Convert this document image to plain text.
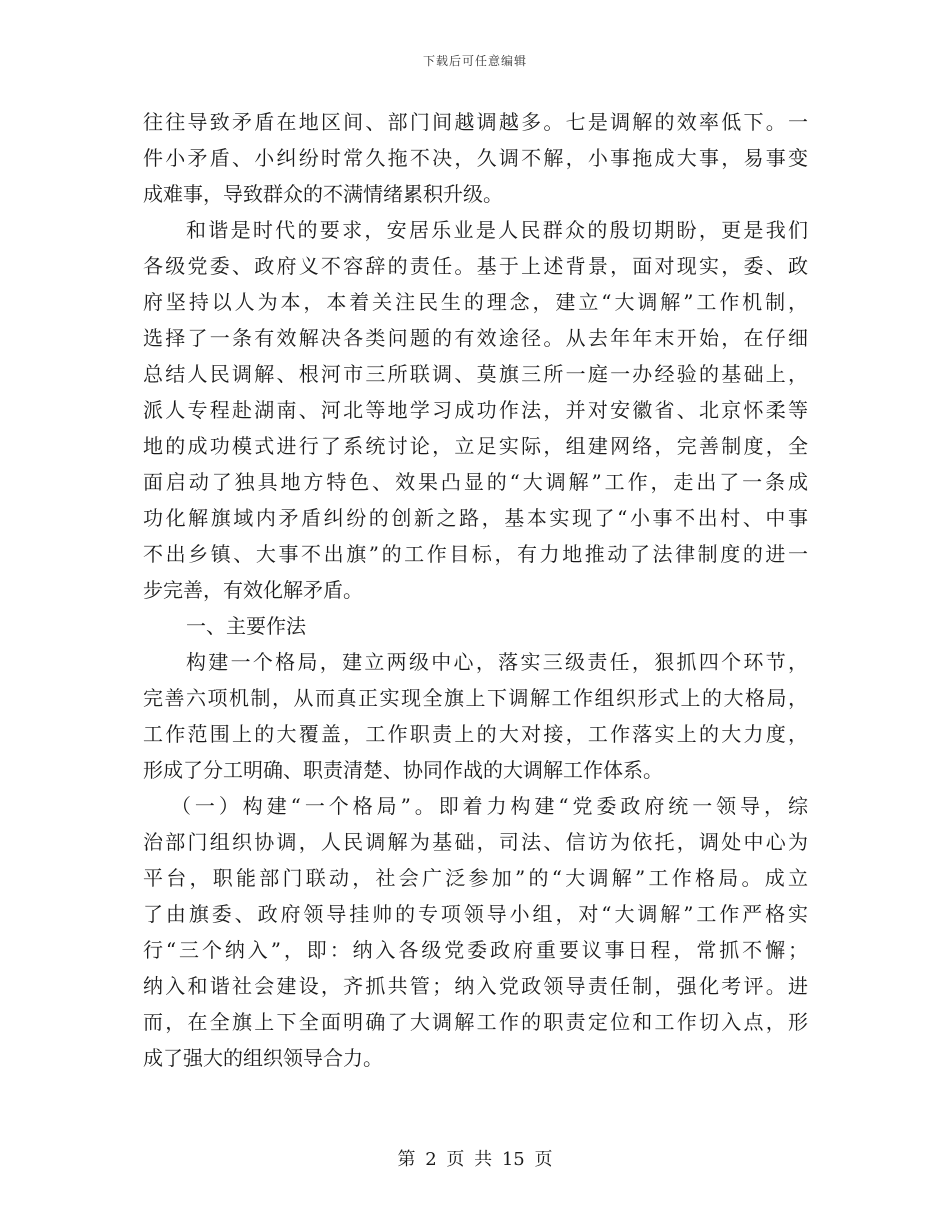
下载后可任意编辑
往往导致矛盾在地区间、部门间越调越多。七是调解的效率低下。一
件小矛盾、小纠纷时常久拖不决，久调不解，小事拖成大事，易事变
成难事，导致群众的不满情绪累积升级。
和谐是时代的要求，安居乐业是人民群众的殷切期盼，更是我们
各级党委、政府义不容辞的责任。基于上述背景，面对现实，委、政
府坚持以人为本，本着关注民生的理念，建立“大调解”工作机制，
选择了一条有效解决各类问题的有效途径。从去年年末开始，在仔细
总结人民调解、根河市三所联调、莫旗三所一庭一办经验的基础上，
派人专程赴湖南、河北等地学习成功作法，并对安徽省、北京怀柔等
地的成功模式进行了系统讨论，立足实际，组建网络，完善制度，全
面启动了独具地方特色、效果凸显的“大调解”工作，走出了一条成
功化解旗域内矛盾纠纷的创新之路，基本实现了“小事不出村、中事
不出乡镇、大事不出旗”的工作目标，有力地推动了法律制度的进一
步完善，有效化解矛盾。
一、主要作法
构建一个格局，建立两级中心，落实三级责任，狠抓四个环节，
完善六项机制，从而真正实现全旗上下调解工作组织形式上的大格局，
工作范围上的大覆盖，工作职责上的大对接，工作落实上的大力度，
形成了分工明确、职责清楚、协同作战的大调解工作体系。
（一）构建“一个格局”。即着力构建“党委政府统一领导，综
治部门组织协调，人民调解为基础，司法、信访为依托，调处中心为
平台，职能部门联动，社会广泛参加”的“大调解”工作格局。成立
了由旗委、政府领导挂帅的专项领导小组，对“大调解”工作严格实
行“三个纳入”，即：纳入各级党委政府重要议事日程，常抓不懈；
纳入和谐社会建设，齐抓共管；纳入党政领导责任制，强化考评。进
而，在全旗上下全面明确了大调解工作的职责定位和工作切入点，形
成了强大的组织领导合力。
第 2 页 共 15 页
